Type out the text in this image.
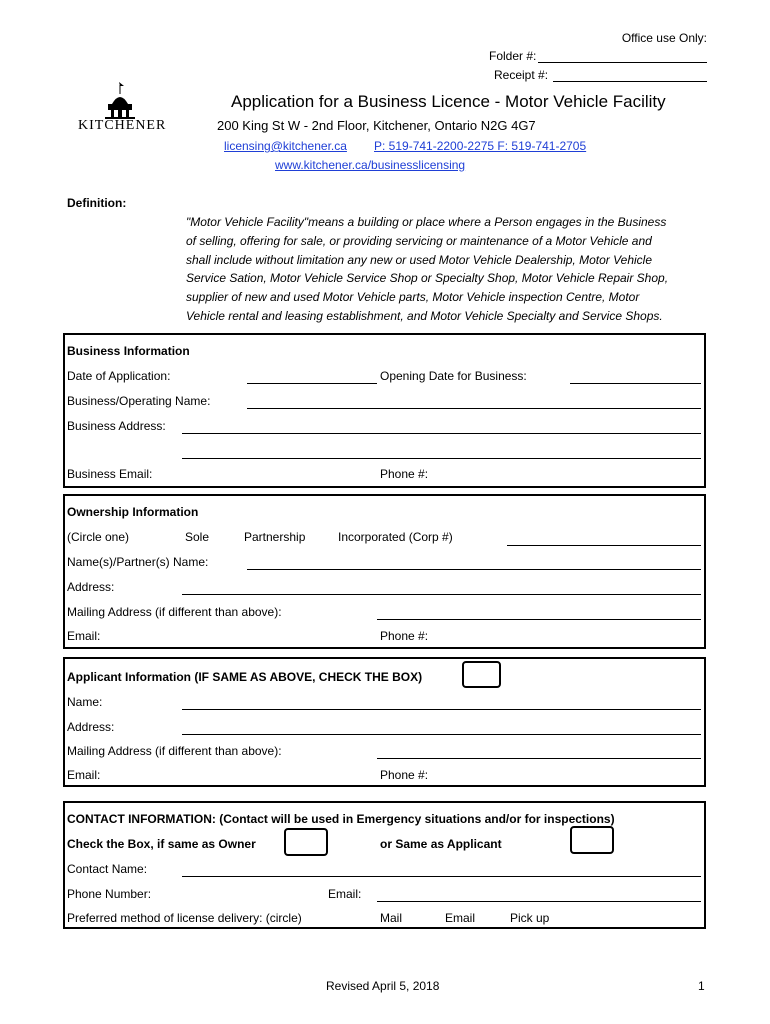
Office use Only:
Folder #:
Receipt #:
KITCHENER
Application for a Business Licence - Motor Vehicle Facility
200 King St W - 2nd Floor, Kitchener, Ontario N2G 4G7
licensing@kitchener.ca P: 519-741-2200-2275 F: 519-741-2705
www.kitchener.ca/businesslicensing
Definition:

"Motor Vehicle Facility"means a building or place where a Person engages in the Business

of selling, offering for sale, or providing servicing or maintenance of a Motor Vehicle and

shall include without limitation any new or used Motor Vehicle Dealership, Motor Vehicle

Service Sation, Motor Vehicle Service Shop or Specialty Shop, Motor Vehicle Repair Shop,

supplier of new and used Motor Vehicle parts, Motor Vehicle inspection Centre, Motor

Vehicle rental and leasing establishment, and Motor Vehicle Specialty and Service Shops.

Business Information
Date of Application:	Opening Date for Business:
Business/Operating Name:
Business Address:
Business Email:	Phone #:
Ownership Information
(Circle one)	Sole	Partnership	Incorporated (Corp #)
Name(s)/Partner(s) Name:
Address:
Mailing Address (if different than above):
Email:	Phone #:
Applicant Information (IF SAME AS ABOVE, CHECK THE BOX)
Name:
Address:
Mailing Address (if different than above):
Email:	Phone #:
CONTACT INFORMATION: (Contact will be used in Emergency situations and/or for inspections)
Check the Box, if same as Owner	or Same as Applicant
Contact Name:
Phone Number:	Email:
Preferred method of license delivery: (circle)	Mail	Email	Pick up
Revised April 5, 2018	1
